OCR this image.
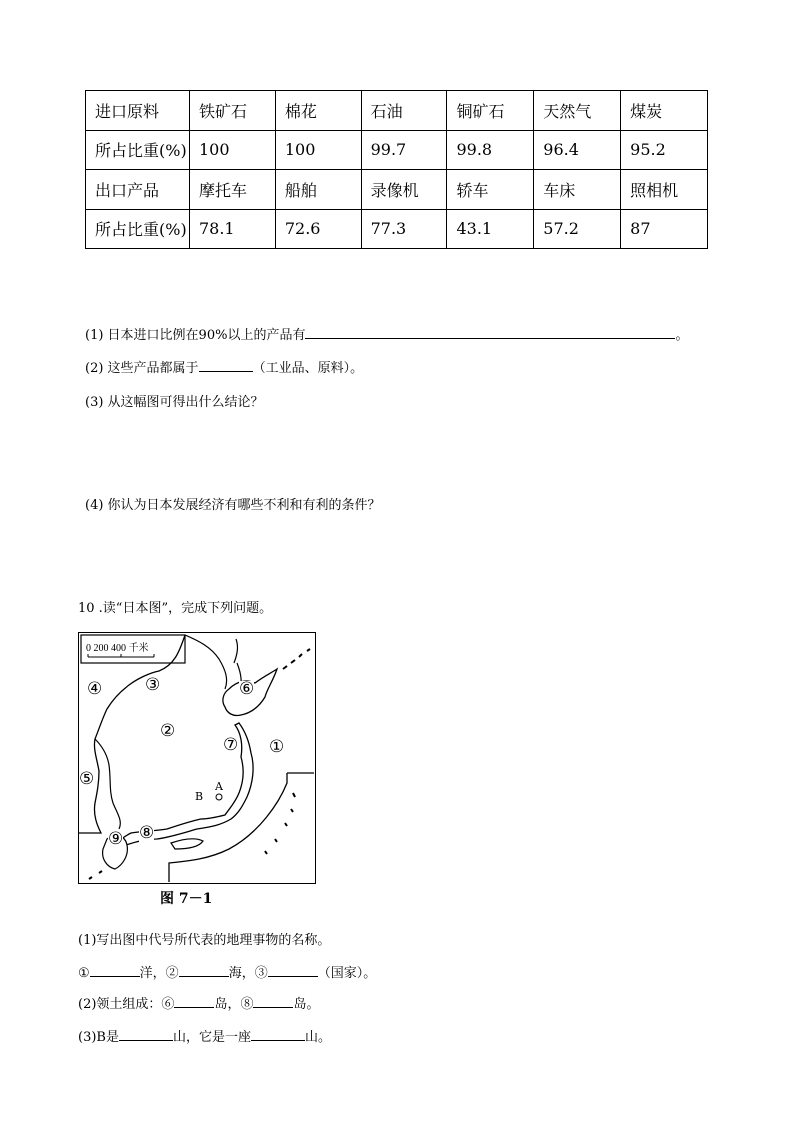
进口原料	铁矿石	棉花	石油	铜矿石	天然气	煤炭
所占比重(%)	100	100	99.7	99.8	96.4	95.2
出口产品	摩托车	船舶	录像机	轿车	车床	照相机
所占比重(%)	78.1	72.6	77.3	43.1	57.2	87
(1) 日本进口比例在90%以上的产品有	。
(2) 这些产品都属于	（工业品、原料）。
(3) 从这幅图可得出什么结论？
(4) 你认为日本发展经济有哪些不利和有利的条件？
10 .读“日本图”，完成下列问题。
0 200 400 千米
①
②
③
④
⑤
⑥
⑦
⑧
⑨
A
B
图 7－1
(1)写出图中代号所代表的地理事物的名称。
①	洋，②	海，③	（国家）。
(2)领土组成：⑥	岛，⑧	岛。
(3)B是	山，它是一座	山。
